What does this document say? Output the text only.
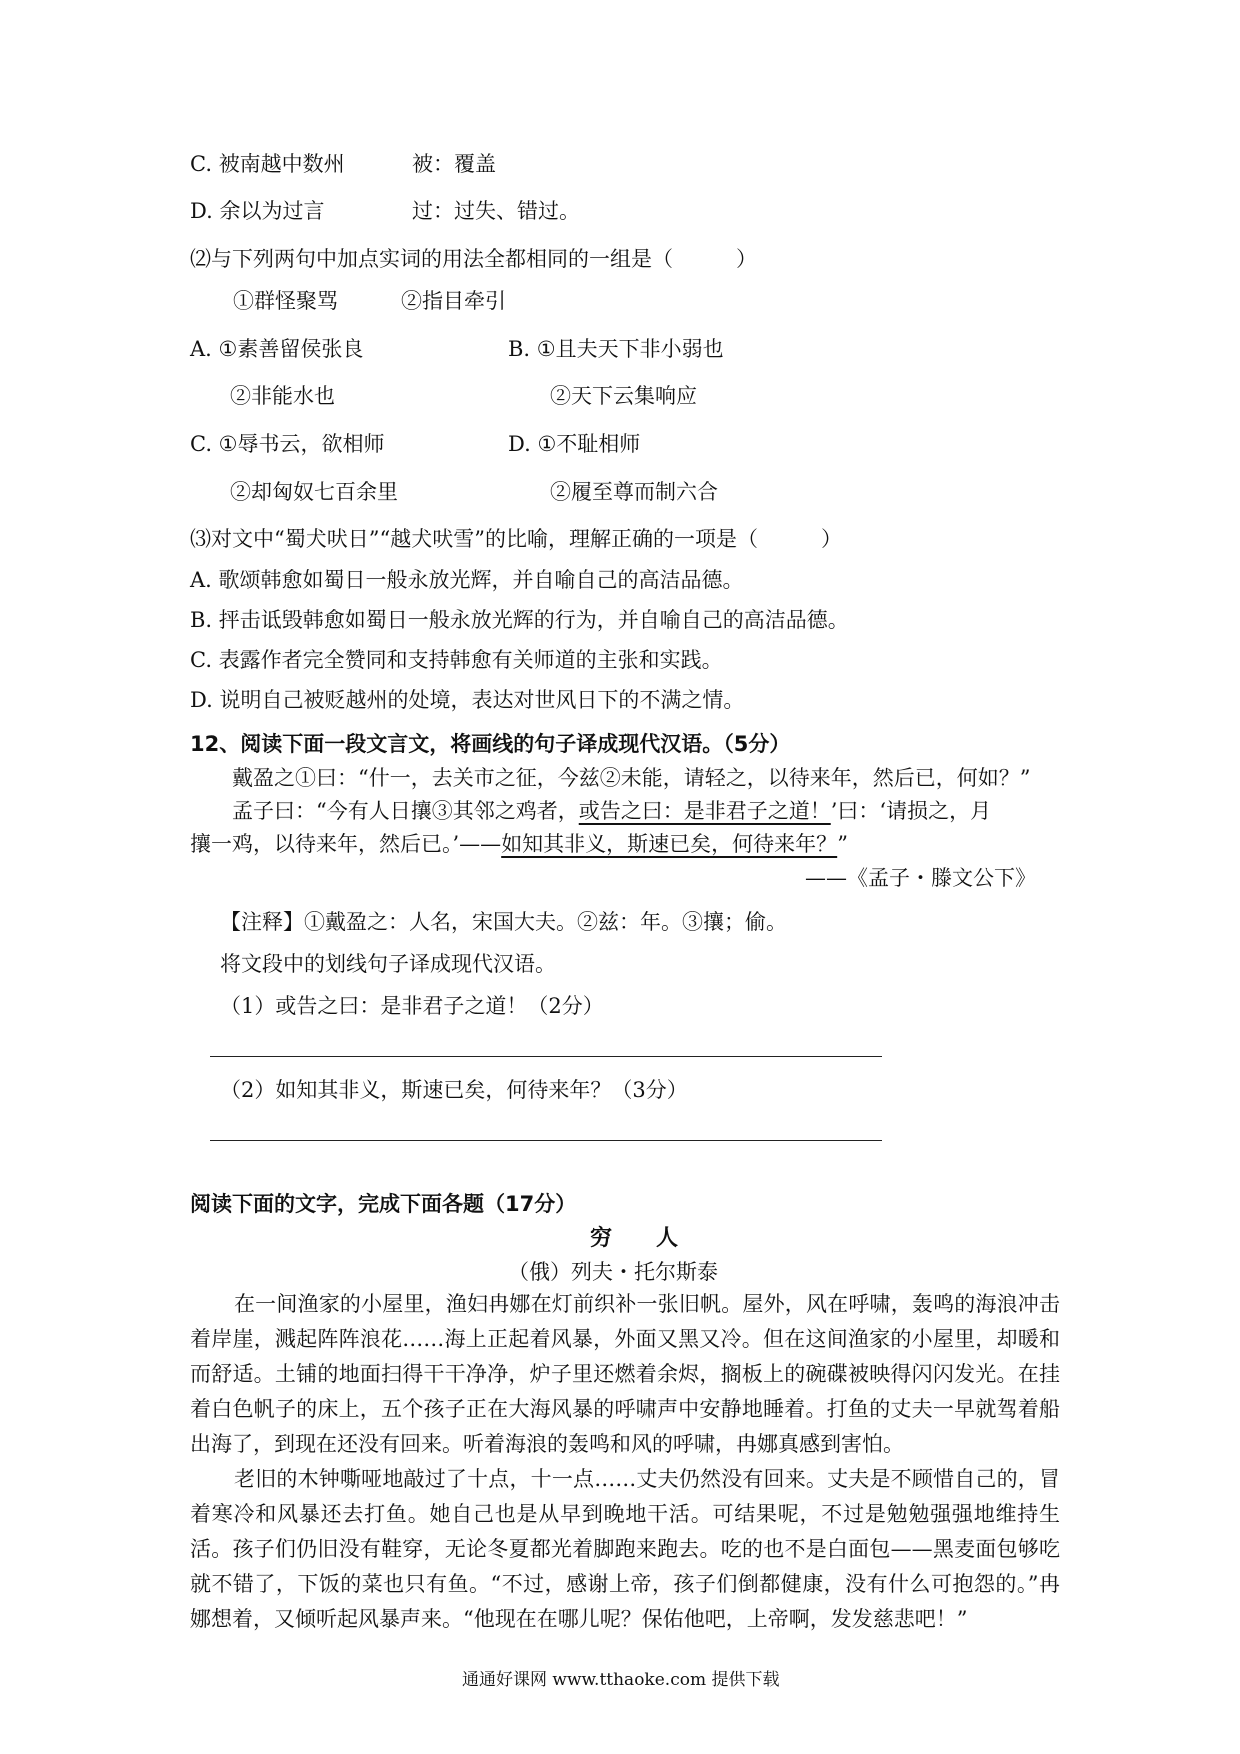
C. 被南越中数州	被：覆盖
D. 余以为过言	过：过失、错过。
⑵与下列两句中加点实词的用法全都相同的一组是（　　　）
①群怪聚骂　　　②指目牵引
A. ①素善留侯张良	B. ①且夫天下非小弱也
②非能水也	②天下云集响应
C. ①辱书云，欲相师	D. ①不耻相师
②却匈奴七百余里	②履至尊而制六合
⑶对文中“蜀犬吠日”“越犬吠雪”的比喻，理解正确的一项是（　　　）
A. 歌颂韩愈如蜀日一般永放光辉，并自喻自己的高洁品德。
B. 抨击诋毁韩愈如蜀日一般永放光辉的行为，并自喻自己的高洁品德。
C. 表露作者完全赞同和支持韩愈有关师道的主张和实践。
D. 说明自己被贬越州的处境，表达对世风日下的不满之情。
12、阅读下面一段文言文，将画线的句子译成现代汉语。（5分）
戴盈之①曰：“什一，去关市之征，今兹②未能，请轻之，以待来年，然后已，何如？”
孟子曰：“今有人日攘③其邻之鸡者，或告之曰：是非君子之道！’曰：‘请损之，月
攘一鸡，以待来年，然后已。’——如知其非义，斯速已矣，何待来年？”
——《孟子・滕文公下》
【注释】①戴盈之：人名，宋国大夫。②兹：年。③攘；偷。
将文段中的划线句子译成现代汉语。
（1）或告之曰：是非君子之道！（2分）
（2）如知其非义，斯速已矣，何待来年？（3分）
阅读下面的文字，完成下面各题（17分）
穷　　人
（俄）列夫・托尔斯泰

在一间渔家的小屋里，渔妇冉娜在灯前织补一张旧帆。屋外，风在呼啸，轰鸣的海浪冲击着岸崖，溅起阵阵浪花……海上正起着风暴，外面又黑又冷。但在这间渔家的小屋里，却暖和而舒适。土铺的地面扫得干干净净，炉子里还燃着余烬，搁板上的碗碟被映得闪闪发光。在挂着白色帆子的床上，五个孩子正在大海风暴的呼啸声中安静地睡着。打鱼的丈夫一早就驾着船出海了，到现在还没有回来。听着海浪的轰鸣和风的呼啸，冉娜真感到害怕。

老旧的木钟嘶哑地敲过了十点，十一点……丈夫仍然没有回来。丈夫是不顾惜自己的，冒着寒冷和风暴还去打鱼。她自己也是从早到晚地干活。可结果呢，不过是勉勉强强地维持生活。孩子们仍旧没有鞋穿，无论冬夏都光着脚跑来跑去。吃的也不是白面包——黑麦面包够吃就不错了，下饭的菜也只有鱼。“不过，感谢上帝，孩子们倒都健康，没有什么可抱怨的。”冉娜想着，又倾听起风暴声来。“他现在在哪儿呢？保佑他吧，上帝啊，发发慈悲吧！”

通通好课网 www.tthaoke.com 提供下载
